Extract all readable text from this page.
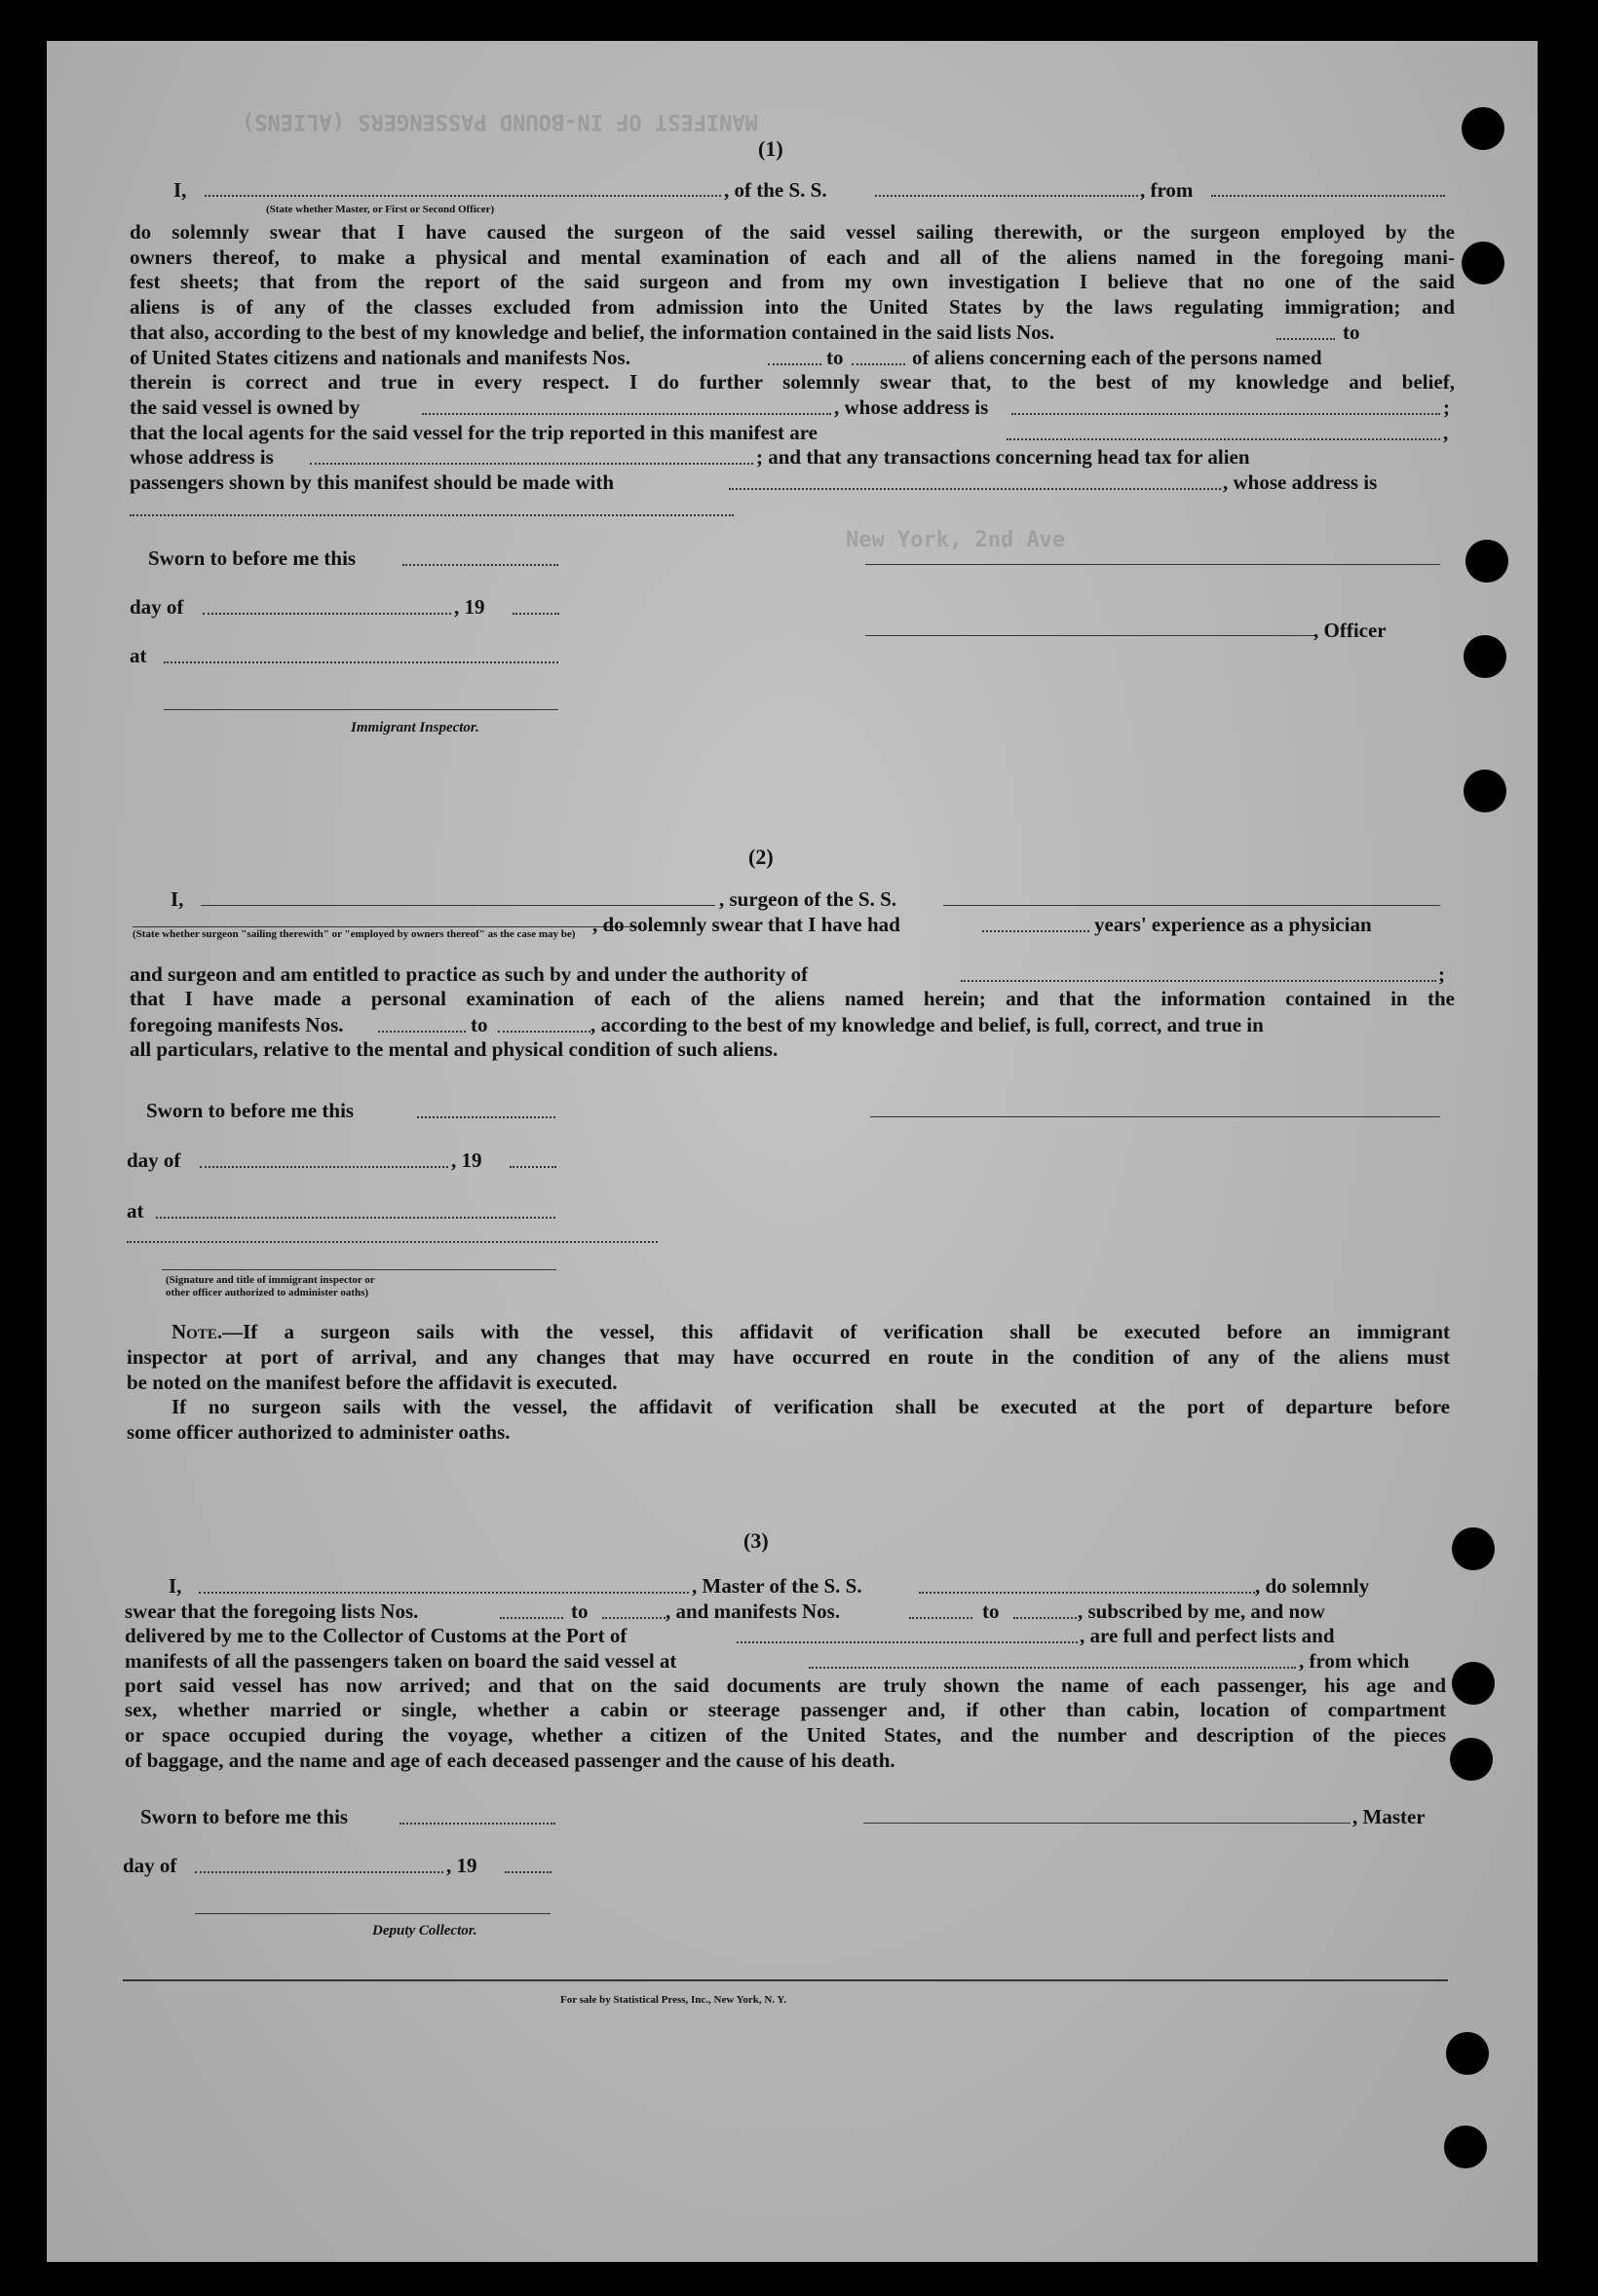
MANIFEST OF IN-BOUND PASSENGERS (ALIENS)
New York, 2nd Ave
(1)
I,	, of the S. S.	, from
(State whether Master, or First or Second Officer)
do solemnly swear that I have caused the surgeon of the said vessel sailing therewith, or the surgeon employed by the
owners thereof, to make a physical and mental examination of each and all of the aliens named in the foregoing mani-
fest sheets; that from the report of the said surgeon and from my own investigation I believe that no one of the said
aliens is of any of the classes excluded from admission into the United States by the laws regulating immigration; and
that also, according to the best of my knowledge and belief, the information contained in the said lists Nos.	to
of United States citizens and nationals and manifests Nos.	to	of aliens concerning each of the persons named
therein is correct and true in every respect. I do further solemnly swear that, to the best of my knowledge and belief,
the said vessel is owned by	, whose address is	;
that the local agents for the said vessel for the trip reported in this manifest are	,
whose address is	; and that any transactions concerning head tax for alien
passengers shown by this manifest should be made with	, whose address is
Sworn to before me this
day of	, 19
, Officer
at
Immigrant Inspector.
(2)
I,	, surgeon of the S. S.
(State whether surgeon "sailing therewith" or "employed by owners thereof" as the case may be) , do solemnly swear that I have had	years' experience as a physician
and surgeon and am entitled to practice as such by and under the authority of	;
that I have made a personal examination of each of the aliens named herein; and that the information contained in the
foregoing manifests Nos.	to	, according to the best of my knowledge and belief, is full, correct, and true in
all particulars, relative to the mental and physical condition of such aliens.
Sworn to before me this
day of	, 19
at
(Signature and title of immigrant inspector or
other officer authorized to administer oaths)
Note.—If a surgeon sails with the vessel, this affidavit of verification shall be executed before an immigrant
inspector at port of arrival, and any changes that may have occurred en route in the condition of any of the aliens must
be noted on the manifest before the affidavit is executed.
If no surgeon sails with the vessel, the affidavit of verification shall be executed at the port of departure before
some officer authorized to administer oaths.
(3)
I,	, Master of the S. S.	, do solemnly
swear that the foregoing lists Nos.	to	, and manifests Nos.	to	, subscribed by me, and now
delivered by me to the Collector of Customs at the Port of	, are full and perfect lists and
manifests of all the passengers taken on board the said vessel at	, from which
port said vessel has now arrived; and that on the said documents are truly shown the name of each passenger, his age and
sex, whether married or single, whether a cabin or steerage passenger and, if other than cabin, location of compartment
or space occupied during the voyage, whether a citizen of the United States, and the number and description of the pieces
of baggage, and the name and age of each deceased passenger and the cause of his death.
Sworn to before me this	, Master
day of	, 19
Deputy Collector.
For sale by Statistical Press, Inc., New York, N. Y.
